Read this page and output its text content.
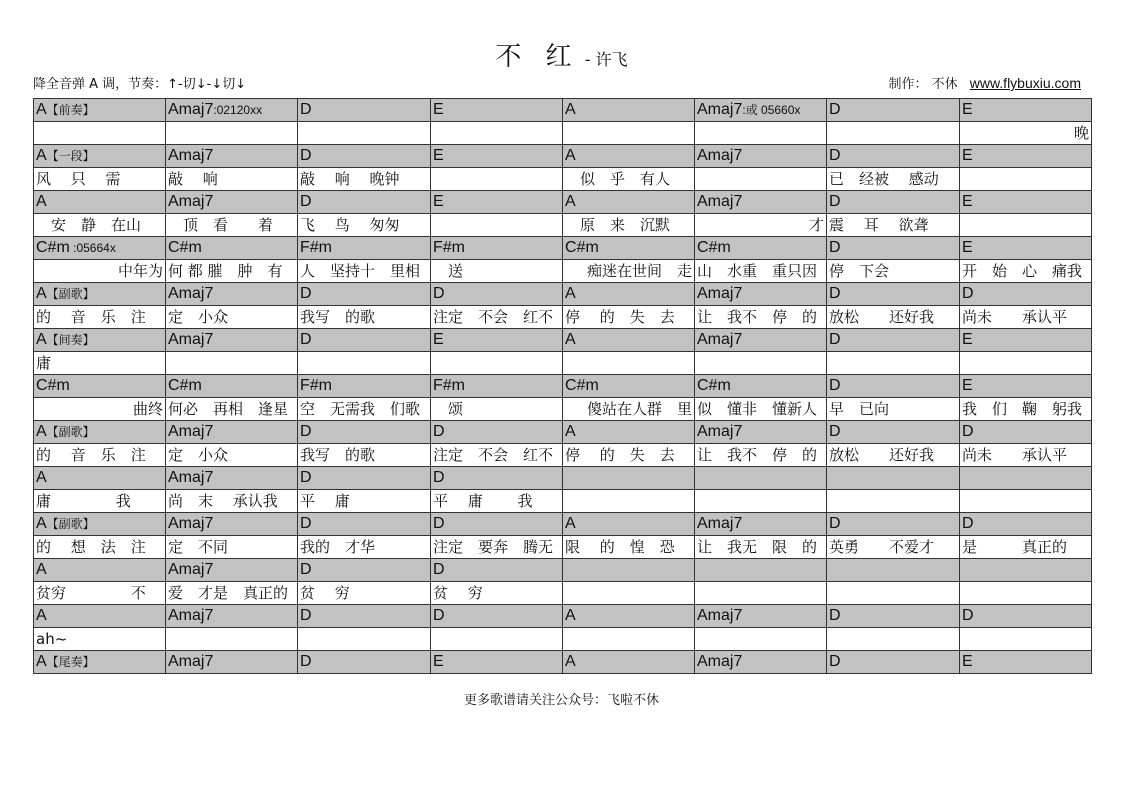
不 红 - 许飞
降全音弹 A 调，节奏：↑-切↓-↓切↓	制作： 不休 www.flybuxiu.com
A【前奏】	Amaj7:02120xx	D	E	A	Amaj7:或 05660x	D	E
							晚
A【一段】	Amaj7	D	E	A	Amaj7	D	E
风　 只　 需	敲　 响	敲　 响　 晚钟		　似　乎　有人		已　经被　 感动	
A	Amaj7	D	E	A	Amaj7	D	E
　安　静　在山	　顶　看　　着	飞　 鸟　 匆匆		　原　来　沉默	才	震　 耳　 欲聋	
C#m :05664x	C#m	F#m	F#m	C#m	C#m	D	E
中年为	何 都 膗　肿　有	人　坚持十　里相	　送	痴迷在世间　走	山　水重　重只因	停　下会	开　始　心　痛我
A【副歌】	Amaj7	D	D	A	Amaj7	D	D
的　 音　乐　注	定　小众	我写　的歌	注定　不会　红不	停　 的　失　去	让　我不　停　的	放松　　还好我	尚未　　承认平
A【间奏】	Amaj7	D	E	A	Amaj7	D	E
庸							
C#m	C#m	F#m	F#m	C#m	C#m	D	E
曲终	何必　再相　逢星	空　无需我　们歌	　颂	傻站在人群　里	似　懂非　懂新人	早　已向	我　们　鞠　躬我
A【副歌】	Amaj7	D	D	A	Amaj7	D	D
的　 音　乐　注	定　小众	我写　的歌	注定　不会　红不	停　 的　失　去	让　我不　停　的	放松　　还好我	尚未　　承认平
A	Amaj7	D	D				
庸　　　　 我	尚　末　 承认我	平　 庸	平　 庸　　 我				
A【副歌】	Amaj7	D	D	A	Amaj7	D	D
的　 想　法　注	定　不同	我的　才华	注定　要奔　腾无	限　 的　惶　恐	让　我无　限　的	英勇　　不爱才	是　　　真正的
A	Amaj7	D	D				
贫穷　　　　 不	爱　才是　真正的	贫　 穷	贫　 穷				
A	Amaj7	D	D	A	Amaj7	D	D
ah~							
A【尾奏】	Amaj7	D	E	A	Amaj7	D	E
更多歌谱请关注公众号：飞啦不休
